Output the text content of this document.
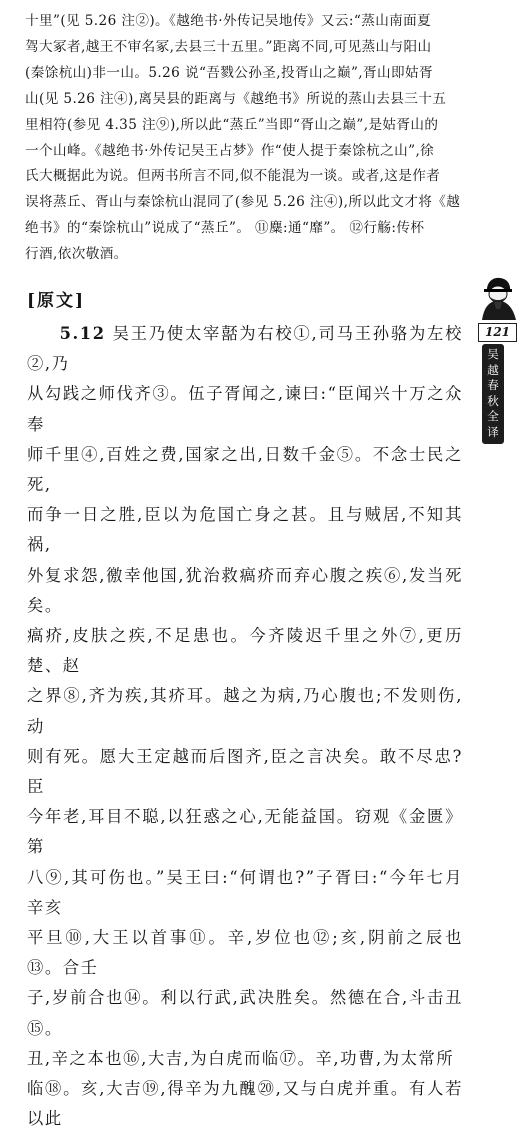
十里”(见 5.26 注②)。《越绝书·外传记吴地传》又云:“蒸山南面夏

驾大冢者,越王不审名冢,去县三十五里。”距离不同,可见蒸山与阳山

(秦馀杭山)非一山。5.26 说“吾戮公孙圣,投胥山之巅”,胥山即姑胥

山(见 5.26 注④),离吴县的距离与《越绝书》所说的蒸山去县三十五

里相符(参见 4.35 注⑨),所以此“蒸丘”当即“胥山之巅”,是姑胥山的

一个山峰。《越绝书·外传记吴王占梦》作“使人提于秦馀杭之山”,徐

氏大概据此为说。但两书所言不同,似不能混为一谈。或者,这是作者

误将蒸丘、胥山与秦馀杭山混同了(参见 5.26 注④),所以此文才将《越

绝书》的“秦馀杭山”说成了“蒸丘”。 ⑪麋:通“靡”。 ⑫行觞:传杯

行酒,依次敬酒。

[原文]

5.12 吴王乃使太宰嚭为右校①,司马王孙骆为左校②,乃

从勾践之师伐齐③。伍子胥闻之,谏曰:“臣闻兴十万之众奉
师千里④,百姓之费,国家之出,日数千金⑤。不念士民之死,
而争一日之胜,臣以为危国亡身之甚。且与贼居,不知其祸,
外复求怨,徼幸他国,犹治救瘑疥而弃心腹之疾⑥,发当死矣。
瘑疥,皮肤之疾,不足患也。今齐陵迟千里之外⑦,更历楚、赵
之界⑧,齐为疾,其疥耳。越之为病,乃心腹也;不发则伤,动
则有死。愿大王定越而后图齐,臣之言决矣。敢不尽忠?臣
今年老,耳目不聪,以狂惑之心,无能益国。窃观《金匮》第
八⑨,其可伤也。”吴王曰:“何谓也?”子胥曰:“今年七月辛亥
平旦⑩,大王以首事⑪。辛,岁位也⑫;亥,阴前之辰也⑬。合壬
子,岁前合也⑭。利以行武,武决胜矣。然德在合,斗击丑⑮。
丑,辛之本也⑯,大吉,为白虎而临⑰。辛,功曹,为太常所
临⑱。亥,大吉⑲,得辛为九醜⑳,又与白虎并重。有人若以此
121
吴
越
春
秋
全
译
